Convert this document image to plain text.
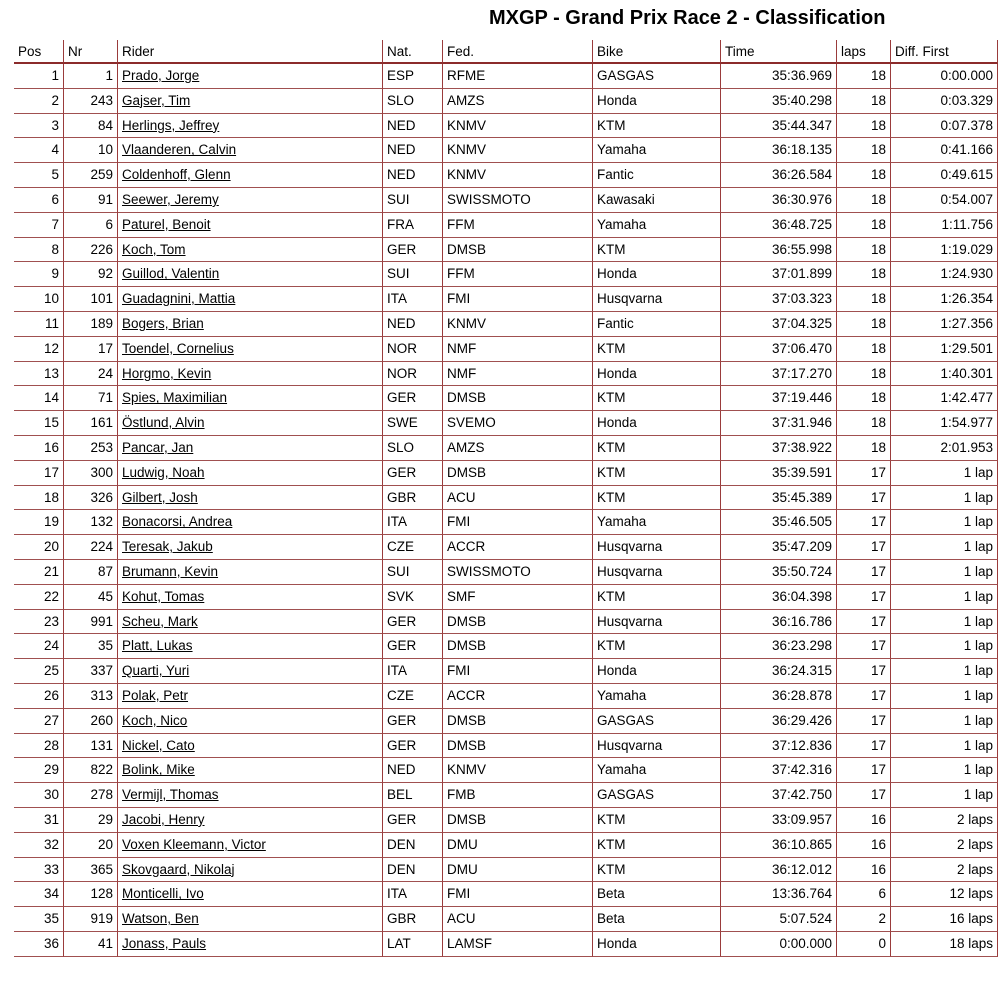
MXGP - Grand Prix Race 2 - Classification
Pos	Nr	Rider	Nat.	Fed.	Bike	Time	laps	Diff. First
1	1	Prado, Jorge	ESP	RFME	GASGAS	35:36.969	18	0:00.000
2	243	Gajser, Tim	SLO	AMZS	Honda	35:40.298	18	0:03.329
3	84	Herlings, Jeffrey	NED	KNMV	KTM	35:44.347	18	0:07.378
4	10	Vlaanderen, Calvin	NED	KNMV	Yamaha	36:18.135	18	0:41.166
5	259	Coldenhoff, Glenn	NED	KNMV	Fantic	36:26.584	18	0:49.615
6	91	Seewer, Jeremy	SUI	SWISSMOTO	Kawasaki	36:30.976	18	0:54.007
7	6	Paturel, Benoit	FRA	FFM	Yamaha	36:48.725	18	1:11.756
8	226	Koch, Tom	GER	DMSB	KTM	36:55.998	18	1:19.029
9	92	Guillod, Valentin	SUI	FFM	Honda	37:01.899	18	1:24.930
10	101	Guadagnini, Mattia	ITA	FMI	Husqvarna	37:03.323	18	1:26.354
11	189	Bogers, Brian	NED	KNMV	Fantic	37:04.325	18	1:27.356
12	17	Toendel, Cornelius	NOR	NMF	KTM	37:06.470	18	1:29.501
13	24	Horgmo, Kevin	NOR	NMF	Honda	37:17.270	18	1:40.301
14	71	Spies, Maximilian	GER	DMSB	KTM	37:19.446	18	1:42.477
15	161	Östlund, Alvin	SWE	SVEMO	Honda	37:31.946	18	1:54.977
16	253	Pancar, Jan	SLO	AMZS	KTM	37:38.922	18	2:01.953
17	300	Ludwig, Noah	GER	DMSB	KTM	35:39.591	17	1 lap
18	326	Gilbert, Josh	GBR	ACU	KTM	35:45.389	17	1 lap
19	132	Bonacorsi, Andrea	ITA	FMI	Yamaha	35:46.505	17	1 lap
20	224	Teresak, Jakub	CZE	ACCR	Husqvarna	35:47.209	17	1 lap
21	87	Brumann, Kevin	SUI	SWISSMOTO	Husqvarna	35:50.724	17	1 lap
22	45	Kohut, Tomas	SVK	SMF	KTM	36:04.398	17	1 lap
23	991	Scheu, Mark	GER	DMSB	Husqvarna	36:16.786	17	1 lap
24	35	Platt, Lukas	GER	DMSB	KTM	36:23.298	17	1 lap
25	337	Quarti, Yuri	ITA	FMI	Honda	36:24.315	17	1 lap
26	313	Polak, Petr	CZE	ACCR	Yamaha	36:28.878	17	1 lap
27	260	Koch, Nico	GER	DMSB	GASGAS	36:29.426	17	1 lap
28	131	Nickel, Cato	GER	DMSB	Husqvarna	37:12.836	17	1 lap
29	822	Bolink, Mike	NED	KNMV	Yamaha	37:42.316	17	1 lap
30	278	Vermijl, Thomas	BEL	FMB	GASGAS	37:42.750	17	1 lap
31	29	Jacobi, Henry	GER	DMSB	KTM	33:09.957	16	2 laps
32	20	Voxen Kleemann, Victor	DEN	DMU	KTM	36:10.865	16	2 laps
33	365	Skovgaard, Nikolaj	DEN	DMU	KTM	36:12.012	16	2 laps
34	128	Monticelli, Ivo	ITA	FMI	Beta	13:36.764	6	12 laps
35	919	Watson, Ben	GBR	ACU	Beta	5:07.524	2	16 laps
36	41	Jonass, Pauls	LAT	LAMSF	Honda	0:00.000	0	18 laps
